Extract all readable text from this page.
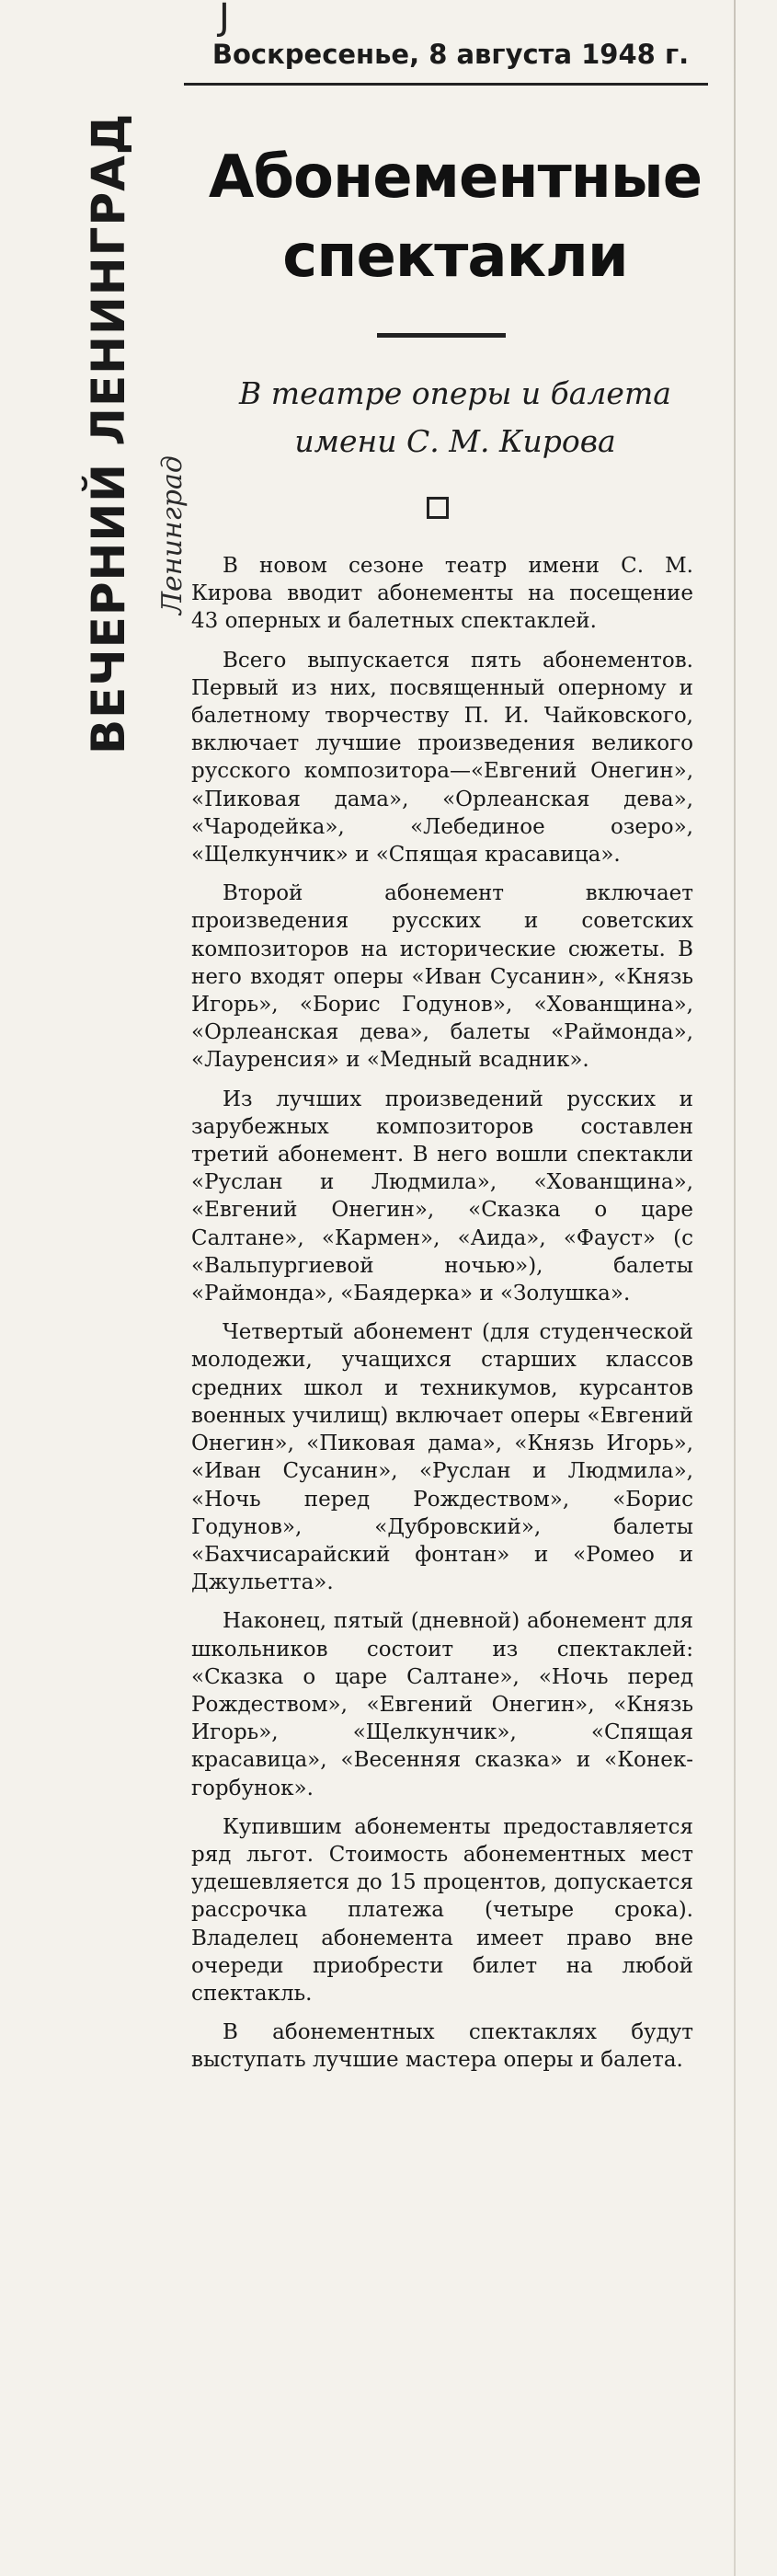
J
Воскресенье, 8 августа 1948 г.
ВЕЧЕРНИЙ ЛЕНИНГРАД Ленинград
Абонементные спектакли
В театре оперы и балета
имени С. М. Кирова

В новом сезоне театр имени С. М. Кирова вводит абонементы на посещение 43 оперных и балетных спектаклей.

Всего выпускается пять абонементов. Первый из них, посвященный оперному и балетному творчеству П. И. Чайковского, включает лучшие произведения великого русского композитора—«Евгений Онегин», «Пиковая дама», «Орлеанская дева», «Чародейка», «Лебединое озеро», «Щелкунчик» и «Спящая красавица».

Второй абонемент включает произведения русских и советских композиторов на исторические сюжеты. В него входят оперы «Иван Сусанин», «Князь Игорь», «Борис Годунов», «Хованщина», «Орлеанская дева», балеты «Раймонда», «Лауренсия» и «Медный всадник».

Из лучших произведений русских и зарубежных композиторов составлен третий абонемент. В него вошли спектакли «Руслан и Людмила», «Хованщина», «Евгений Онегин», «Сказка о царе Салтане», «Кармен», «Аида», «Фауст» (с «Вальпургиевой ночью»), балеты «Раймонда», «Баядерка» и «Золушка».

Четвертый абонемент (для студенческой молодежи, учащихся старших классов средних школ и техникумов, курсантов военных училищ) включает оперы «Евгений Онегин», «Пиковая дама», «Князь Игорь», «Иван Сусанин», «Руслан и Людмила», «Ночь перед Рождеством», «Борис Годунов», «Дубровский», балеты «Бахчисарайский фонтан» и «Ромео и Джульетта».

Наконец, пятый (дневной) абонемент для школьников состоит из спектаклей: «Сказка о царе Салтане», «Ночь перед Рождеством», «Евгений Онегин», «Князь Игорь», «Щелкунчик», «Спящая красавица», «Весенняя сказка» и «Конек-горбунок».

Купившим абонементы предоставляется ряд льгот. Стоимость абонементных мест удешевляется до 15 процентов, допускается рассрочка платежа (четыре срока). Владелец абонемента имеет право вне очереди приобрести билет на любой спектакль.

В абонементных спектаклях будут выступать лучшие мастера оперы и балета.
